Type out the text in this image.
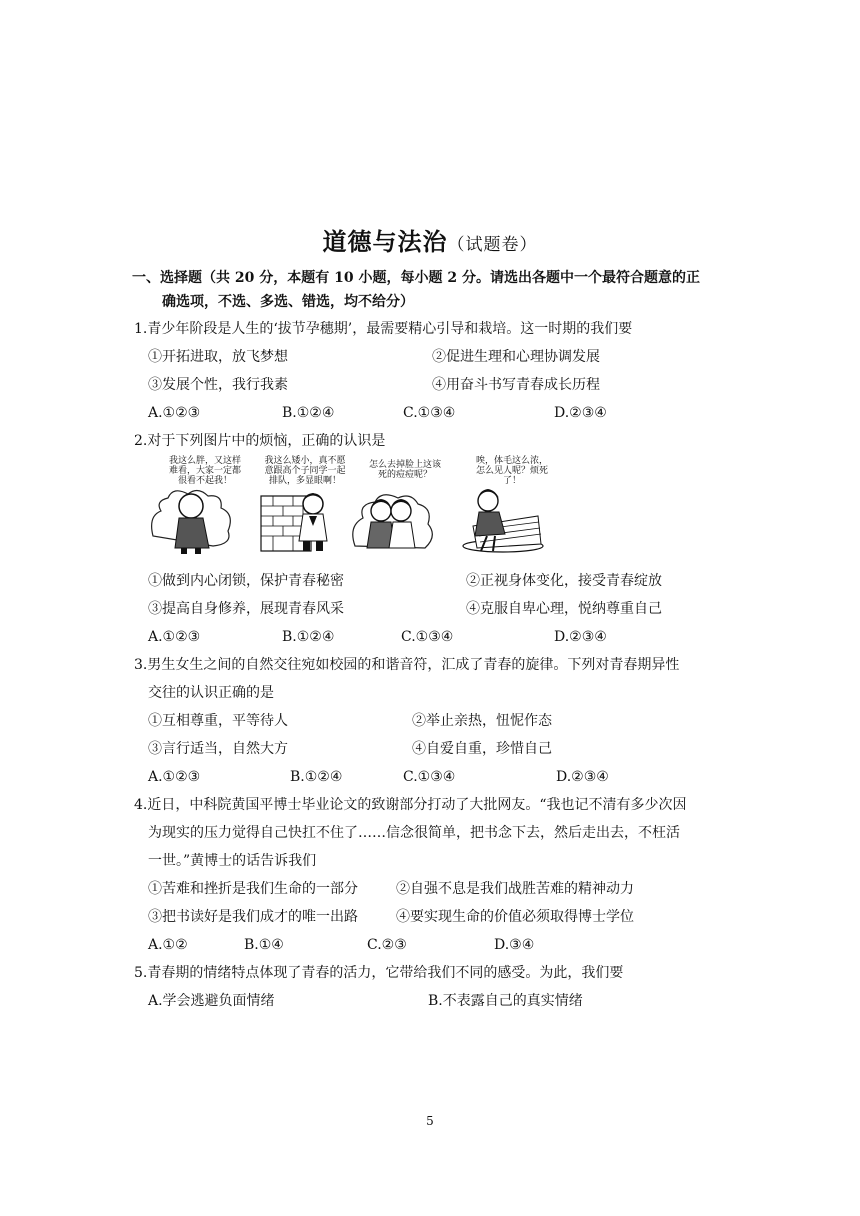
道德与法治（试题卷）
一、选择题（共 20 分，本题有 10 小题，每小题 2 分。请选出各题中一个最符合题意的正
确选项，不选、多选、错选，均不给分）
1.青少年阶段是人生的‘拔节孕穗期’，最需要精心引导和栽培。这一时期的我们要
①开拓进取，放飞梦想	②促进生理和心理协调发展
③发展个性，我行我素	④用奋斗书写青春成长历程
A.①②③	B.①②④	C.①③④	D.②③④
2.对于下列图片中的烦恼，正确的认识是
我这么胖，又这样难看，大家一定都很看不起我！
我这么矮小，真不愿意跟高个子同学一起排队，多显眼啊！
怎么去掉脸上这该死的痘痘呢？
唉，体毛这么浓，怎么见人呢？烦死了！
①做到内心闭锁，保护青春秘密	②正视身体变化，接受青春绽放
③提高自身修养，展现青春风采	④克服自卑心理，悦纳尊重自己
A.①②③	B.①②④	C.①③④	D.②③④
3.男生女生之间的自然交往宛如校园的和谐音符，汇成了青春的旋律。下列对青春期异性
交往的认识正确的是
①互相尊重，平等待人	②举止亲热，忸怩作态
③言行适当，自然大方	④自爱自重，珍惜自己
A.①②③	B.①②④	C.①③④	D.②③④
4.近日，中科院黄国平博士毕业论文的致谢部分打动了大批网友。“我也记不清有多少次因
为现实的压力觉得自己快扛不住了……信念很简单，把书念下去，然后走出去，不枉活
一世。”黄博士的话告诉我们
①苦难和挫折是我们生命的一部分	②自强不息是我们战胜苦难的精神动力
③把书读好是我们成才的唯一出路	④要实现生命的价值必须取得博士学位
A.①②	B.①④	C.②③	D.③④
5.青春期的情绪特点体现了青春的活力，它带给我们不同的感受。为此，我们要
A.学会逃避负面情绪	B.不表露自己的真实情绪
5
